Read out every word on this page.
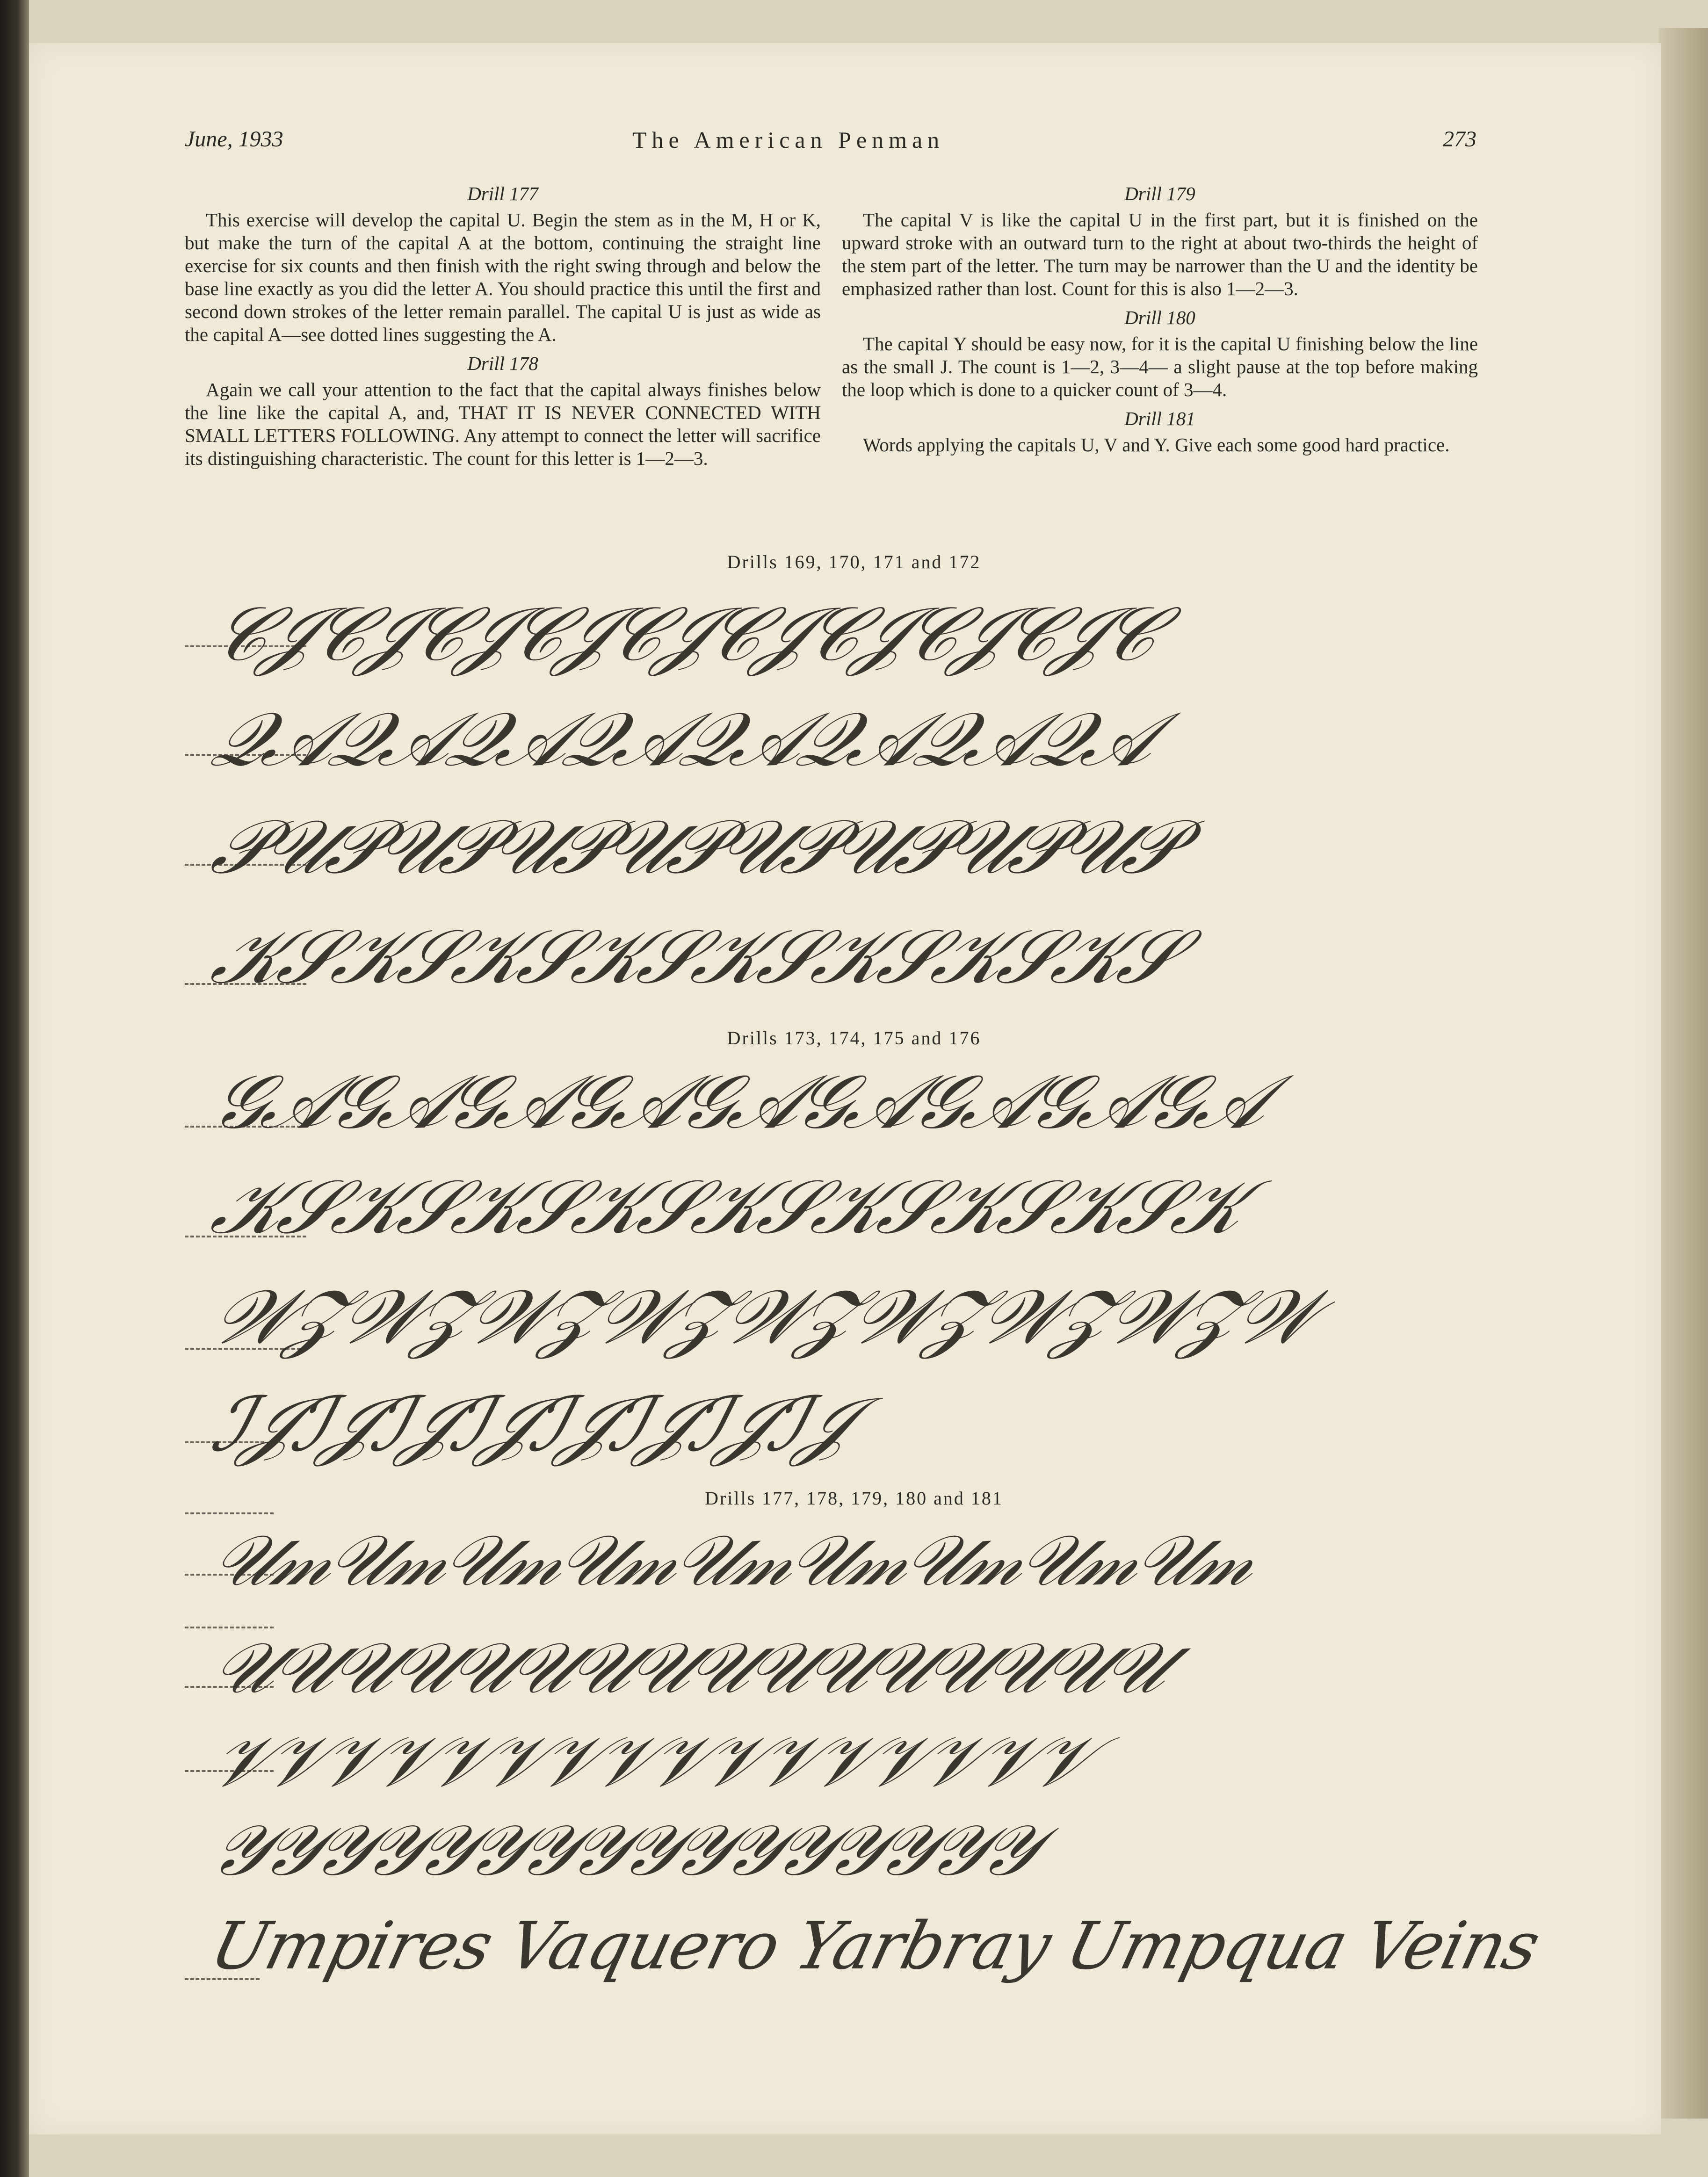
June, 1933	The American Penman	273
Drill 177
This exercise will develop the capital U. Begin the stem as in the M, H or K, but make the turn of the capital A at the bottom, continuing the straight line exercise for six counts and then finish with the right swing through and below the base line exactly as you did the letter A. You should practice this until the first and second down strokes of the letter remain parallel. The capital U is just as wide as the capital A—see dotted lines suggesting the A.
Drill 178
Again we call your attention to the fact that the capital always finishes below the line like the capital A, and, THAT IT IS NEVER CONNECTED WITH SMALL LETTERS FOLLOWING. Any attempt to connect the letter will sacrifice its distinguishing characteristic. The count for this letter is 1—2—3.
Drill 179
The capital V is like the capital U in the first part, but it is finished on the upward stroke with an outward turn to the right at about two-thirds the height of the stem part of the letter. The turn may be narrower than the U and the identity be emphasized rather than lost. Count for this is also 1—2—3.
Drill 180
The capital Y should be easy now, for it is the capital U finishing below the line as the small J. The count is 1—2, 3—4— a slight pause at the top before making the loop which is done to a quicker count of 3—4.
Drill 181
Words applying the capitals U, V and Y. Give each some good hard practice.
Drills 169, 170, 171 and 172
Drills 173, 174, 175 and 176
Drills 177, 178, 179, 180 and 181
𝒞𝒥𝒞𝒥𝒞𝒥𝒞𝒥𝒞𝒥𝒞𝒥𝒞𝒥𝒞𝒥𝒞𝒥𝒞
𝒬𝒜𝒬𝒜𝒬𝒜𝒬𝒜𝒬𝒜𝒬𝒜𝒬𝒜𝒬𝒜
𝒫𝒰𝒫𝒰𝒫𝒰𝒫𝒰𝒫𝒰𝒫𝒰𝒫𝒰𝒫𝒰𝒫
𝒦𝒮𝒦𝒮𝒦𝒮𝒦𝒮𝒦𝒮𝒦𝒮𝒦𝒮𝒦𝒮
𝒢𝒜𝒢𝒜𝒢𝒜𝒢𝒜𝒢𝒜𝒢𝒜𝒢𝒜𝒢𝒜𝒢𝒜
𝒦𝒮𝒦𝒮𝒦𝒮𝒦𝒮𝒦𝒮𝒦𝒮𝒦𝒮𝒦𝒮𝒦
𝒲𝒵𝒲𝒵𝒲𝒵𝒲𝒵𝒲𝒵𝒲𝒵𝒲𝒵𝒲𝒵𝒲
ℐ𝒥ℐ𝒥ℐ𝒥ℐ𝒥ℐ𝒥ℐ𝒥ℐ𝒥ℐ𝒥
𝒰𝓂𝒰𝓂𝒰𝓂𝒰𝓂𝒰𝓂𝒰𝓂𝒰𝓂𝒰𝓂𝒰𝓂
𝒰𝒰𝒰𝒰𝒰𝒰𝒰𝒰𝒰𝒰𝒰𝒰𝒰𝒰𝒰𝒰
𝒱𝒱𝒱𝒱𝒱𝒱𝒱𝒱𝒱𝒱𝒱𝒱𝒱𝒱𝒱𝒱
𝒴𝒴𝒴𝒴𝒴𝒴𝒴𝒴𝒴𝒴𝒴𝒴𝒴𝒴𝒴𝒴
Umpires Vaquero Yarbray Umpqua Veins
